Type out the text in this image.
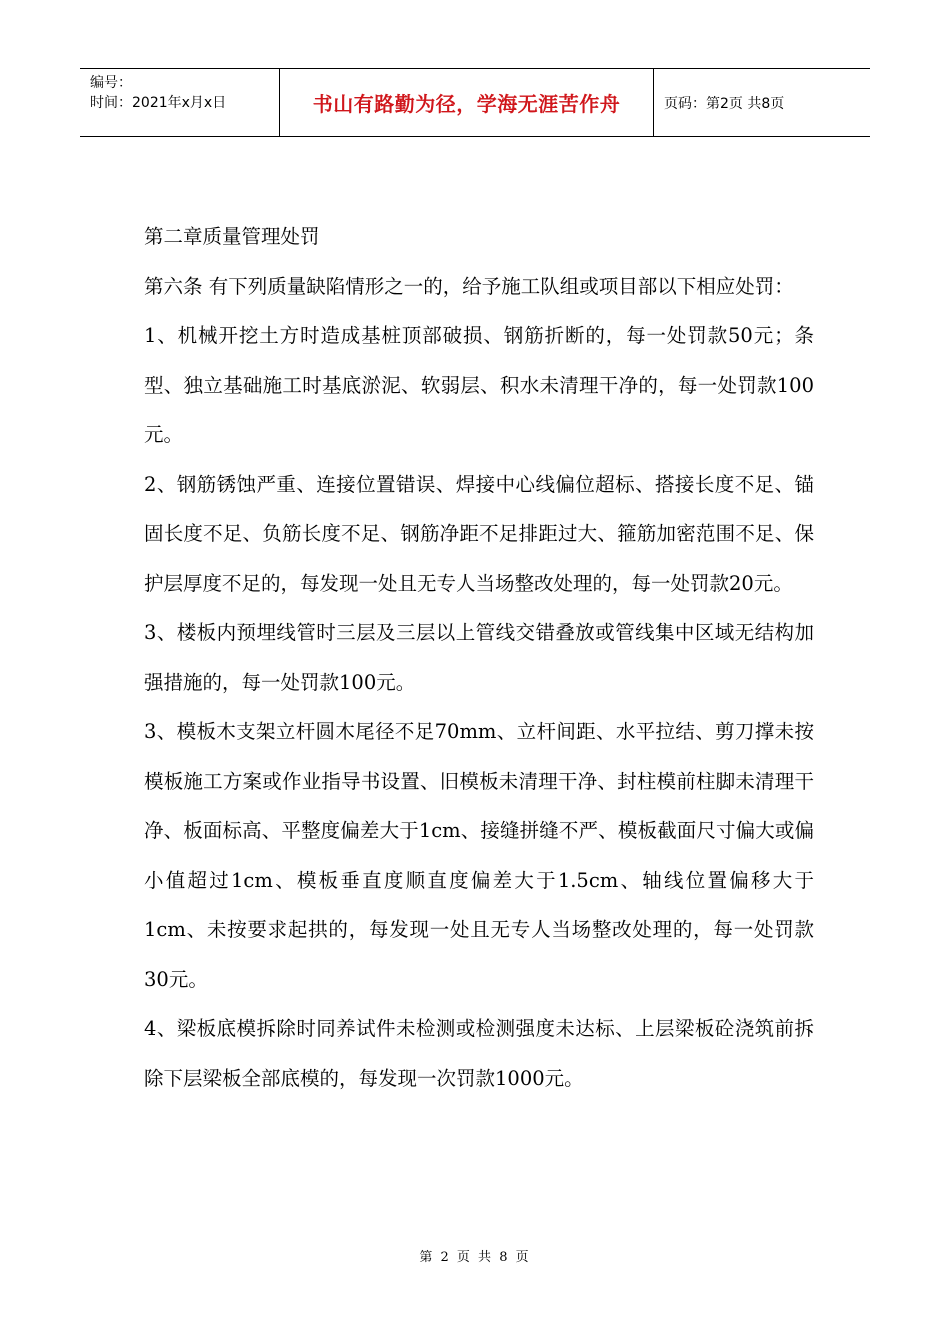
编号：
时间：2021年x月x日	书山有路勤为径，学海无涯苦作舟	页码：第2页 共8页

第二章质量管理处罚

第六条 有下列质量缺陷情形之一的，给予施工队组或项目部以下相应处罚：

1、机械开挖土方时造成基桩顶部破损、钢筋折断的，每一处罚款50元；条型、独立基础施工时基底淤泥、软弱层、积水未清理干净的，每一处罚款100元。

2、钢筋锈蚀严重、连接位置错误、焊接中心线偏位超标、搭接长度不足、锚固长度不足、负筋长度不足、钢筋净距不足排距过大、箍筋加密范围不足、保护层厚度不足的，每发现一处且无专人当场整改处理的，每一处罚款20元。

3、楼板内预埋线管时三层及三层以上管线交错叠放或管线集中区域无结构加强措施的，每一处罚款100元。

3、模板木支架立杆圆木尾径不足70mm、立杆间距、水平拉结、剪刀撑未按模板施工方案或作业指导书设置、旧模板未清理干净、封柱模前柱脚未清理干净、板面标高、平整度偏差大于1cm、接缝拼缝不严、模板截面尺寸偏大或偏小值超过1cm、模板垂直度顺直度偏差大于1.5cm、轴线位置偏移大于1cm、未按要求起拱的，每发现一处且无专人当场整改处理的，每一处罚款30元。

4、梁板底模拆除时同养试件未检测或检测强度未达标、上层梁板砼浇筑前拆除下层梁板全部底模的，每发现一次罚款1000元。

第 2 页 共 8 页
